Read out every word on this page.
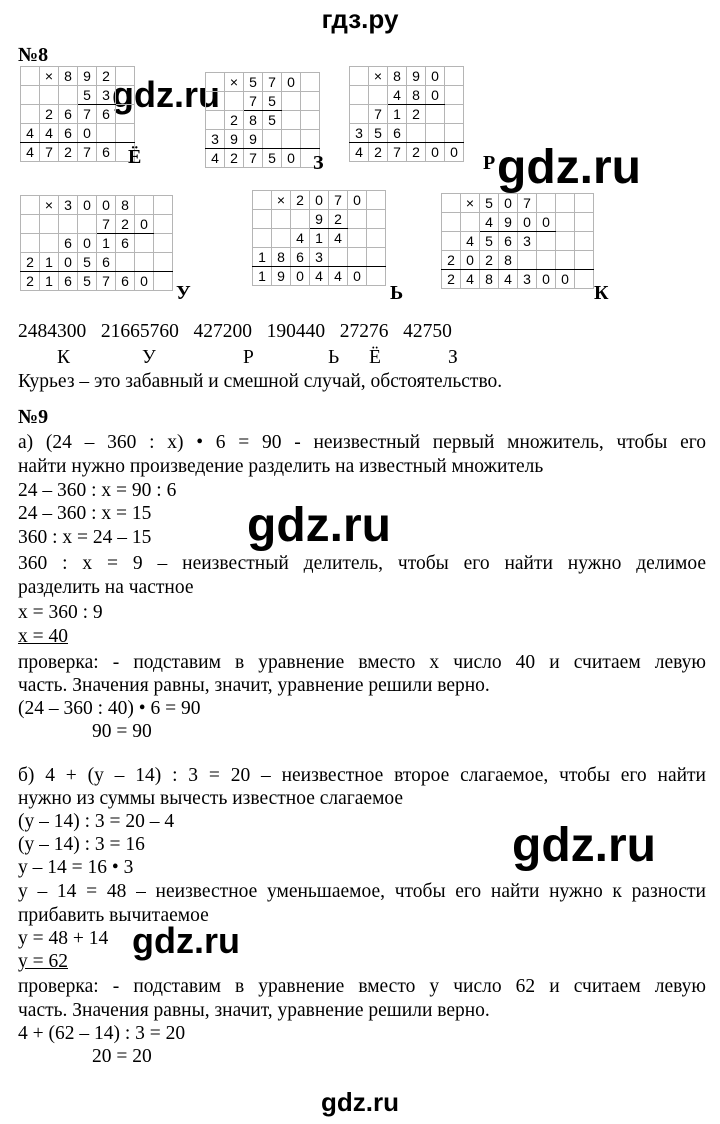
гдз.ру
gdz.ru
gdz.ru
gdz.ru
gdz.ru
gdz.ru
№8
	×	8	9	2	
			5	3	
	2	6	7	6	
4	4	6	0		
4	7	2	7	6	Ё
	×	5	7	0	
		7	5		
	2	8	5		
3	9	9			
4	2	7	5	0	З
	×	8	9	0	
		4	8	0	
	7	1	2		
3	5	6			
4	2	7	2	0	0 Р
	×	3	0	0	8		
				7	2	0	
		6	0	1	6		
2	1	0	5	6			
2	1	6	5	7	6	0	
У
	×	2	0	7	0	
			9	2		
		4	1	4		
1	8	6	3			
1	9	0	4	4	0	
Ь
	×	5	0	7			
		4	9	0	0		
	4	5	6	3			
2	0	2	8				
2	4	8	4	3	0	0	
К
2484300 21665760 427200 190440 27276 42750
К	У	Р	Ь Ё	З
Курьез – это забавный и смешной случай, обстоятельство.
№9
а) (24 – 360 : x) • 6 = 90 - неизвестный первый множитель, чтобы его
найти нужно произведение разделить на известный множитель
24 – 360 : x = 90 : 6
24 – 360 : x = 15
360 : x = 24 – 15
360 : x = 9 – неизвестный делитель, чтобы его найти нужно делимое
разделить на частное
x = 360 : 9
x = 40
проверка: - подставим в уравнение вместо x число 40 и считаем левую
часть. Значения равны, значит, уравнение решили верно.
(24 – 360 : 40) • 6 = 90
90 = 90
б) 4 + (y – 14) : 3 = 20 – неизвестное второе слагаемое, чтобы его найти
нужно из суммы вычесть известное слагаемое
(y – 14) : 3 = 20 – 4
(y – 14) : 3 = 16
y – 14 = 16 • 3
y – 14 = 48 – неизвестное уменьшаемое, чтобы его найти нужно к разности
прибавить вычитаемое
y = 48 + 14
y = 62
проверка: - подставим в уравнение вместо y число 62 и считаем левую
часть. Значения равны, значит, уравнение решили верно.
4 + (62 – 14) : 3 = 20
20 = 20
gdz.ru
